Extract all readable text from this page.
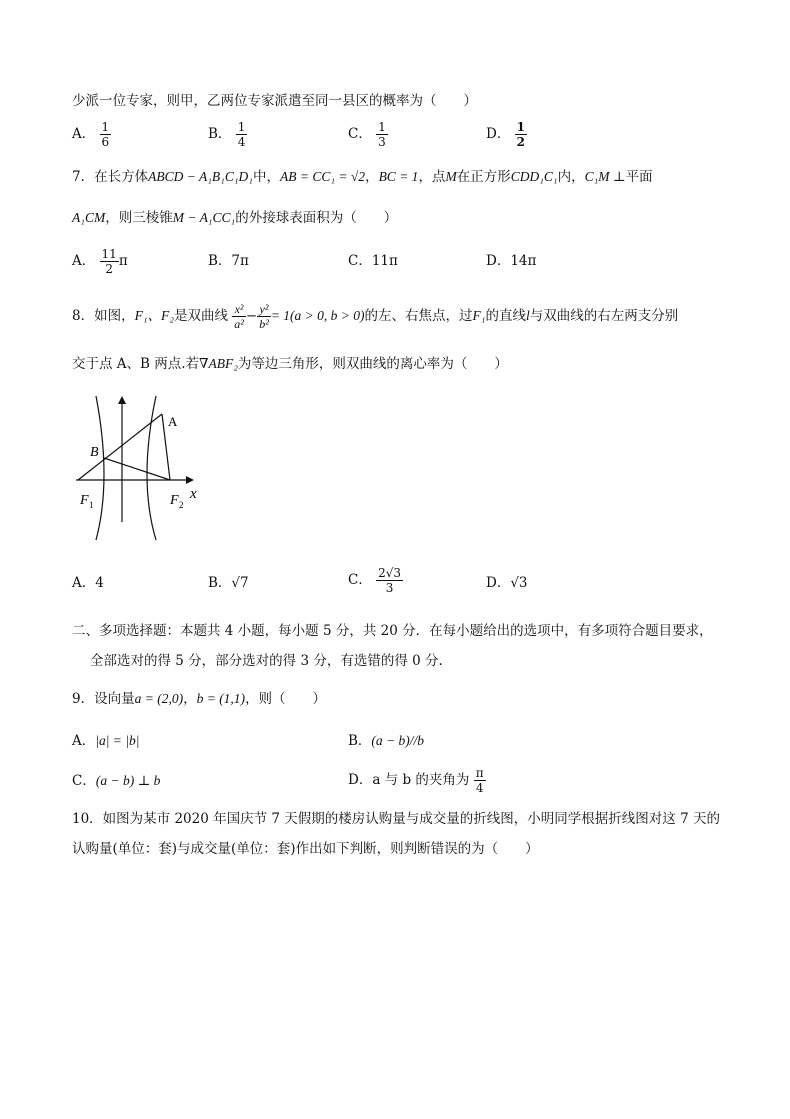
少派一位专家，则甲，乙两位专家派遣至同一县区的概率为（　　）
A． $\frac{1}{6}$	B． $\frac{1}{4}$	C． $\frac{1}{3}$	D． $\frac{1}{2}$
7．在长方体ABCD − A₁B₁C₁D₁中，AB = CC₁ = √2，BC = 1，点M在正方形CDD₁C₁内，C₁M ⊥平面
A₁CM，则三棱锥M − A₁CC₁的外接球表面积为（　　）
A． $\frac{11}{2}$ π	B．7π	C．11π	D．14π
8．如图，F₁、F₂是双曲线 $\frac{\text{x²}}{\text{a²}} - \frac{\text{y²}}{\text{b²}} = 1(a > 0$, b > 0)的左、右焦点，过F₁的直线l与双曲线的右左两支分别
交于点 A、B 两点.若∇ABF₂为等边三角形，则双曲线的离心率为（　　）
A
B
F 1	F 2
x
A．4	B．√7	C． $\frac{2√3}{3}$	D．√3
二、多项选择题：本题共 4 小题，每小题 5 分，共 20 分．在每小题给出的选项中，有多项符合题目要求，
全部选对的得 5 分，部分选对的得 3 分，有选错的得 0 分.
9．设向量a = (2,0)，b = (1,1)，则（　　）
A．|a| = |b|	B．(a − b)//b
C．(a − b) ⊥ b	D．a 与 b 的夹角为 $\frac{\pi}{4}$
10．如图为某市 2020 年国庆节 7 天假期的楼房认购量与成交量的折线图，小明同学根据折线图对这 7 天的
认购量(单位：套)与成交量(单位：套)作出如下判断，则判断错误的为（　　）
